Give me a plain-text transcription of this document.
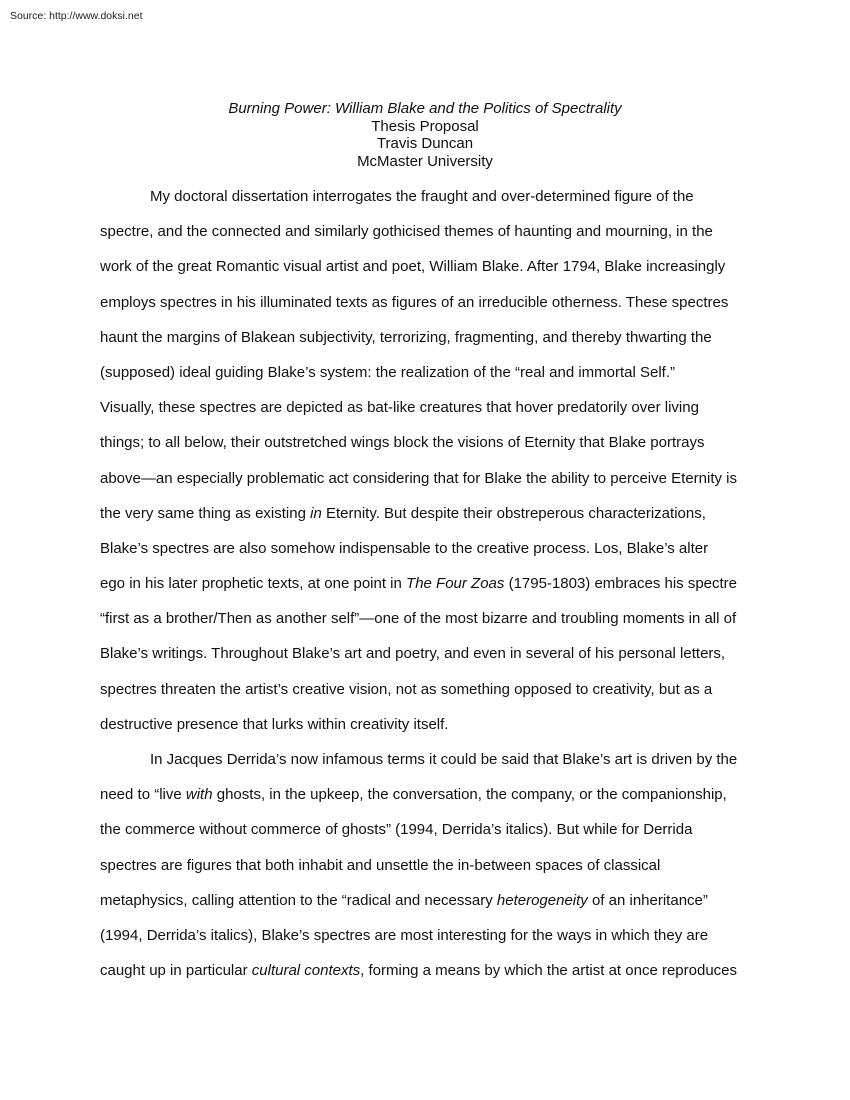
Source: http://www.doksi.net
Burning Power: William Blake and the Politics of Spectrality
Thesis Proposal
Travis Duncan
McMaster University
My doctoral dissertation interrogates the fraught and over-determined figure of the
spectre, and the connected and similarly gothicised themes of haunting and mourning, in the
work of the great Romantic visual artist and poet, William Blake. After 1794, Blake increasingly
employs spectres in his illuminated texts as figures of an irreducible otherness. These spectres
haunt the margins of Blakean subjectivity, terrorizing, fragmenting, and thereby thwarting the
(supposed) ideal guiding Blake’s system: the realization of the “real and immortal Self.”
Visually, these spectres are depicted as bat-like creatures that hover predatorily over living
things; to all below, their outstretched wings block the visions of Eternity that Blake portrays
above—an especially problematic act considering that for Blake the ability to perceive Eternity is
the very same thing as existing in Eternity. But despite their obstreperous characterizations,
Blake’s spectres are also somehow indispensable to the creative process. Los, Blake’s alter
ego in his later prophetic texts, at one point in The Four Zoas (1795-1803) embraces his spectre
“first as a brother/Then as another self”—one of the most bizarre and troubling moments in all of
Blake’s writings. Throughout Blake’s art and poetry, and even in several of his personal letters,
spectres threaten the artist’s creative vision, not as something opposed to creativity, but as a
destructive presence that lurks within creativity itself.
In Jacques Derrida’s now infamous terms it could be said that Blake’s art is driven by the
need to “live with ghosts, in the upkeep, the conversation, the company, or the companionship,
the commerce without commerce of ghosts” (1994, Derrida’s italics). But while for Derrida
spectres are figures that both inhabit and unsettle the in-between spaces of classical
metaphysics, calling attention to the “radical and necessary heterogeneity of an inheritance”
(1994, Derrida’s italics), Blake’s spectres are most interesting for the ways in which they are
caught up in particular cultural contexts, forming a means by which the artist at once reproduces
